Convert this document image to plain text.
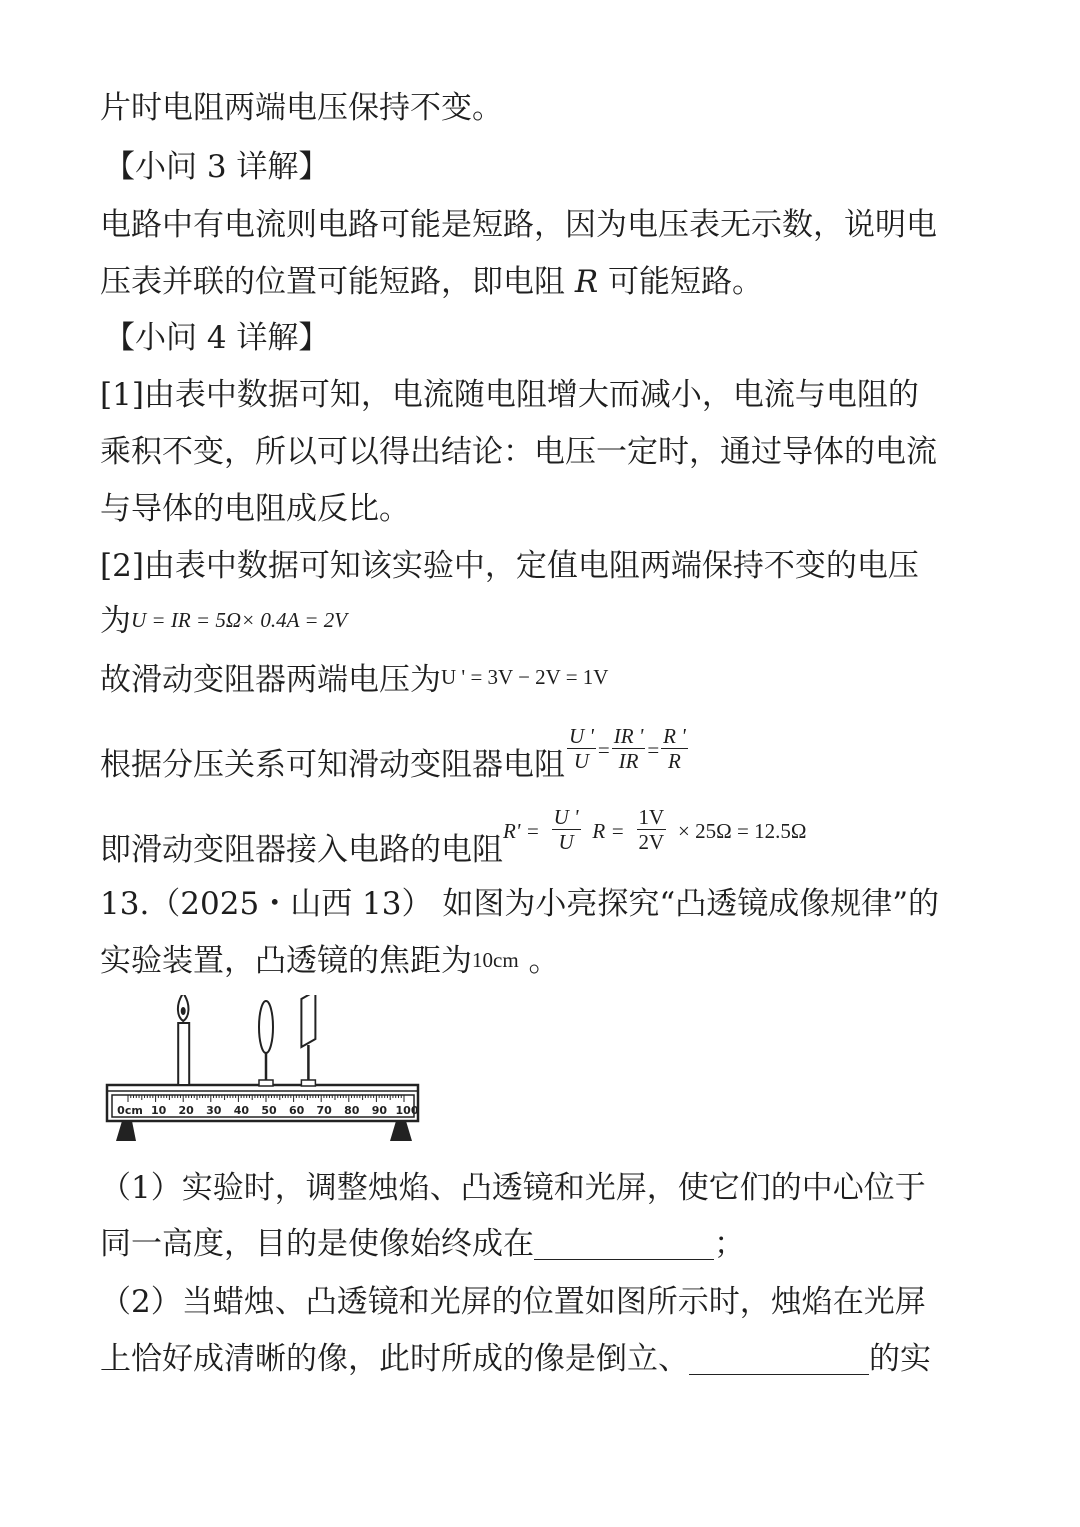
片时电阻两端电压保持不变。
【小问 3 详解】
电路中有电流则电路可能是短路，因为电压表无示数，说明电
压表并联的位置可能短路，即电阻 R 可能短路。
【小问 4 详解】
[1]由表中数据可知，电流随电阻增大而减小，电流与电阻的
乘积不变，所以可以得出结论：电压一定时，通过导体的电流
与导体的电阻成反比。
[2]由表中数据可知该实验中，定值电阻两端保持不变的电压
为U = IR = 5Ω× 0.4A = 2V
故滑动变阻器两端电压为U ' = 3V − 2V = 1V
根据分压关系可知滑动变阻器电阻 $\frac{U '}{U} = \frac{IR '}{IR} = \frac{R '}{R}$
即滑动变阻器接入电路的电阻$R' = \frac{U '}{U}$ $R = \frac{1V}{2V} \times 25\Omega = 12.5\Omega$
13.（2025・山西 13） 如图为小亮探究“凸透镜成像规律”的
实验装置，凸透镜的焦距为10cm 。
0cm 10 20 30 40 50 60 70 80 90 100
（1）实验时，调整烛焰、凸透镜和光屏，使它们的中心位于
同一高度，目的是使像始终成在	；
（2）当蜡烛、凸透镜和光屏的位置如图所示时，烛焰在光屏
上恰好成清晰的像，此时所成的像是倒立、	的实
